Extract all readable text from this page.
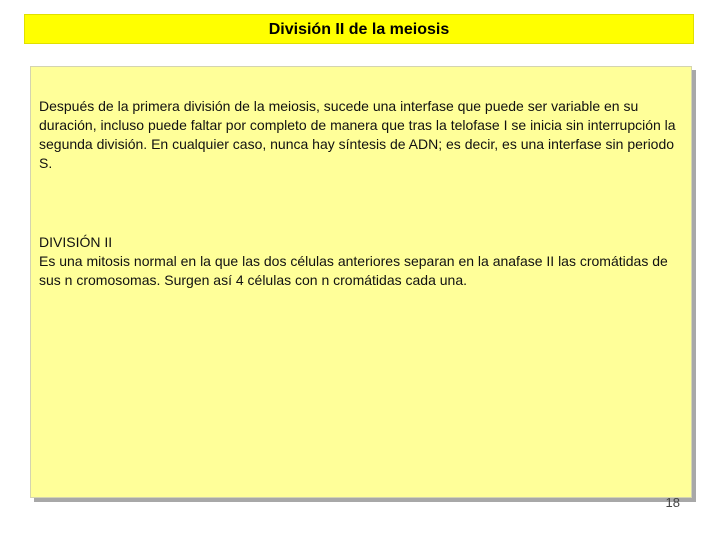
División II de la meiosis

Después de la primera división de la meiosis, sucede una interfase que puede ser variable en su duración, incluso puede faltar por completo de manera que tras la telofase I se inicia sin interrupción la segunda división. En cualquier caso, nunca hay síntesis de ADN; es decir, es una interfase sin periodo S.

DIVISIÓN II

Es una mitosis normal en la que las dos células anteriores separan en la anafase II las cromátidas de sus n cromosomas. Surgen así 4 células con n cromátidas cada una.

18
